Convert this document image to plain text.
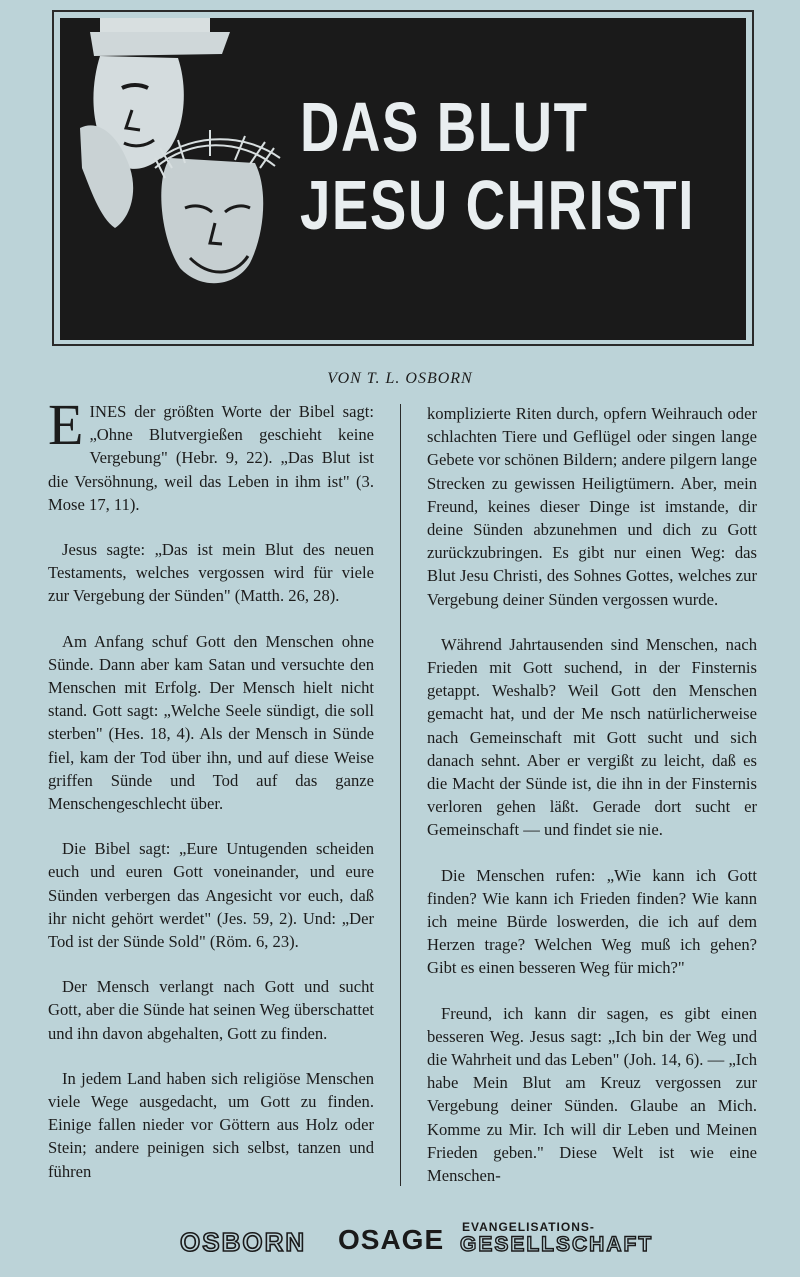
DAS BLUT
JESU CHRISTI
VON T. L. OSBORN

EINES der größten Worte der Bibel sagt: „Ohne Blutvergießen geschieht keine Vergebung" (Hebr. 9, 22). „Das Blut ist die Versöhnung, weil das Leben in ihm ist" (3. Mose 17, 11).

Jesus sagte: „Das ist mein Blut des neuen Testaments, welches vergossen wird für viele zur Vergebung der Sünden" (Matth. 26, 28).

Am Anfang schuf Gott den Menschen ohne Sünde. Dann aber kam Satan und versuchte den Menschen mit Erfolg. Der Mensch hielt nicht stand. Gott sagt: „Welche Seele sündigt, die soll sterben" (Hes. 18, 4). Als der Mensch in Sünde fiel, kam der Tod über ihn, und auf diese Weise griffen Sünde und Tod auf das ganze Menschengeschlecht über.

Die Bibel sagt: „Eure Untugenden scheiden euch und euren Gott voneinander, und eure Sünden verbergen das Angesicht vor euch, daß ihr nicht gehört werdet" (Jes. 59, 2). Und: „Der Tod ist der Sünde Sold" (Röm. 6, 23).

Der Mensch verlangt nach Gott und sucht Gott, aber die Sünde hat seinen Weg überschattet und ihn davon abgehalten, Gott zu finden.

In jedem Land haben sich religiöse Menschen viele Wege ausgedacht, um Gott zu finden. Einige fallen nieder vor Göttern aus Holz oder Stein; andere peinigen sich selbst, tanzen und führen

komplizierte Riten durch, opfern Weihrauch oder schlachten Tiere und Geflügel oder singen lange Gebete vor schönen Bildern; andere pilgern lange Strecken zu gewissen Heiligtümern. Aber, mein Freund, keines dieser Dinge ist imstande, dir deine Sünden abzunehmen und dich zu Gott zurückzubringen. Es gibt nur einen Weg: das Blut Jesu Christi, des Sohnes Gottes, welches zur Vergebung deiner Sünden vergossen wurde.

Während Jahrtausenden sind Menschen, nach Frieden mit Gott suchend, in der Finsternis getappt. Weshalb? Weil Gott den Menschen gemacht hat, und der Me nsch natürlicherweise nach Gemeinschaft mit Gott sucht und sich danach sehnt. Aber er vergißt zu leicht, daß es die Macht der Sünde ist, die ihn in der Finsternis verloren gehen läßt. Gerade dort sucht er Gemeinschaft — und findet sie nie.

Die Menschen rufen: „Wie kann ich Gott finden? Wie kann ich Frieden finden? Wie kann ich meine Bürde loswerden, die ich auf dem Herzen trage? Welchen Weg muß ich gehen? Gibt es einen besseren Weg für mich?"

Freund, ich kann dir sagen, es gibt einen besseren Weg. Jesus sagt: „Ich bin der Weg und die Wahrheit und das Leben" (Joh. 14, 6). — „Ich habe Mein Blut am Kreuz vergossen zur Vergebung deiner Sünden. Glaube an Mich. Komme zu Mir. Ich will dir Leben und Meinen Frieden geben." Diese Welt ist wie eine Menschen-

OSBORN OSAGE EVANGELISATIONS-
GESELLSCHAFT
